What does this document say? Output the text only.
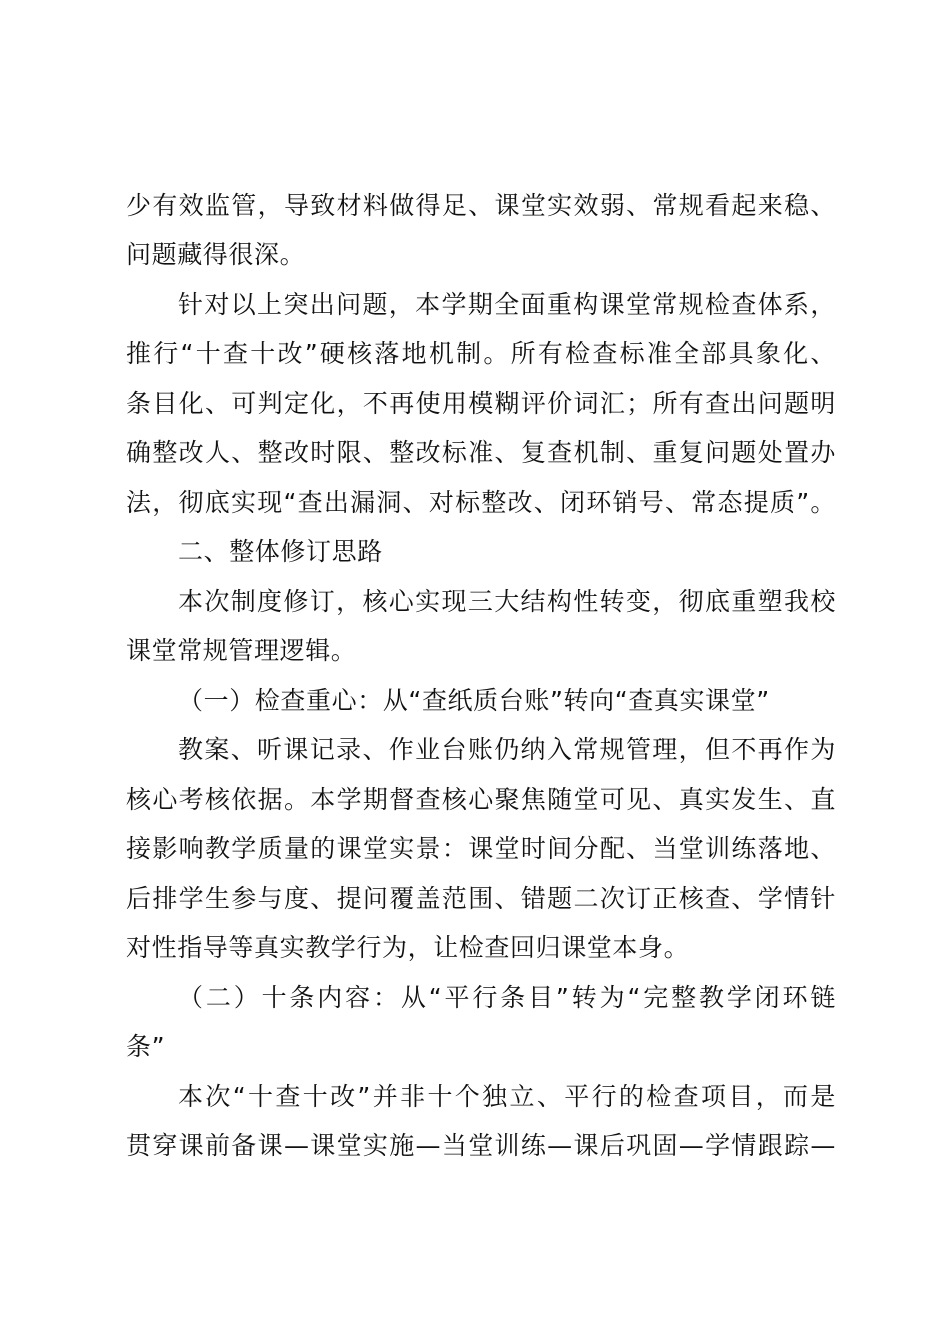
少有效监管，导致材料做得足、课堂实效弱、常规看起来稳、
问题藏得很深。
针对以上突出问题，本学期全面重构课堂常规检查体系，
推行“十查十改”硬核落地机制。所有检查标准全部具象化、
条目化、可判定化，不再使用模糊评价词汇；所有查出问题明
确整改人、整改时限、整改标准、复查机制、重复问题处置办
法，彻底实现“查出漏洞、对标整改、闭环销号、常态提质”。
二、整体修订思路
本次制度修订，核心实现三大结构性转变，彻底重塑我校
课堂常规管理逻辑。
（一）检查重心：从“查纸质台账”转向“查真实课堂”
教案、听课记录、作业台账仍纳入常规管理，但不再作为
核心考核依据。本学期督查核心聚焦随堂可见、真实发生、直
接影响教学质量的课堂实景：课堂时间分配、当堂训练落地、
后排学生参与度、提问覆盖范围、错题二次订正核查、学情针
对性指导等真实教学行为，让检查回归课堂本身。
（二）十条内容：从“平行条目”转为“完整教学闭环链
条”
本次“十查十改”并非十个独立、平行的检查项目，而是
贯穿课前备课—课堂实施—当堂训练—课后巩固—学情跟踪—
